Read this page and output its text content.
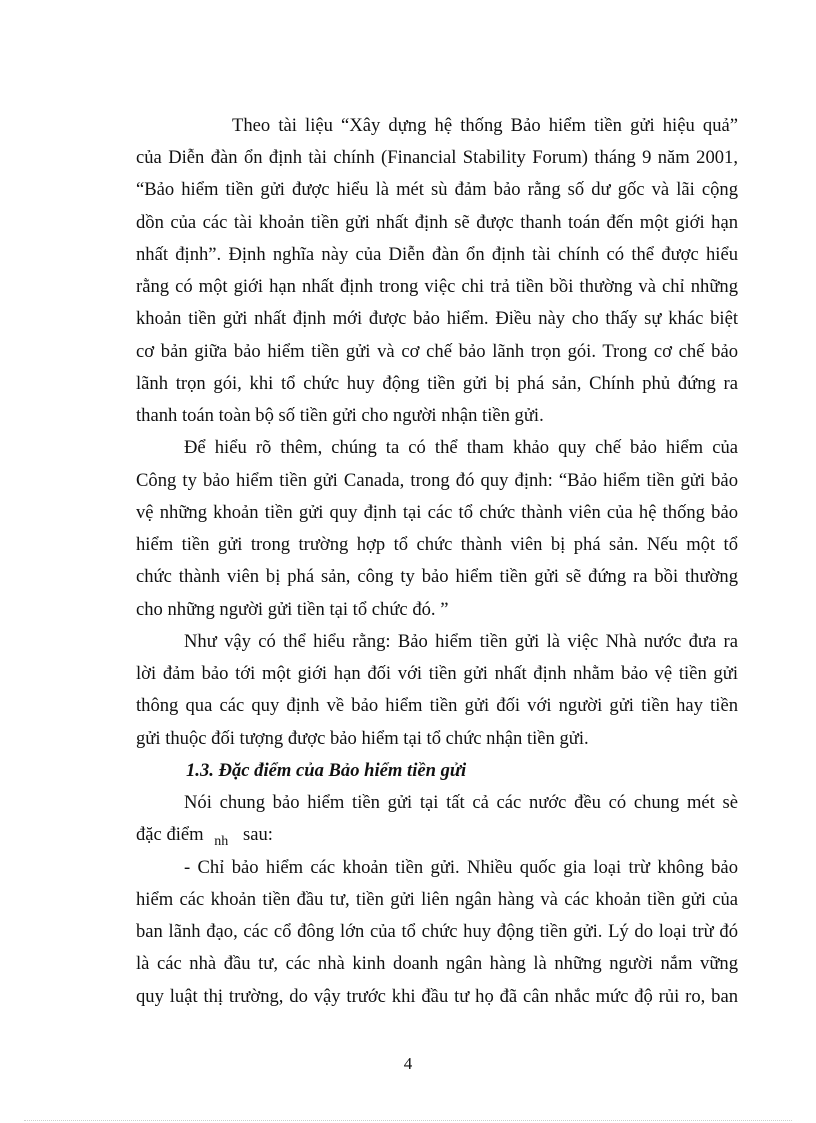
Theo tài liệu “Xây dựng hệ thống Bảo hiểm tiền gửi hiệu quả”
của Diễn đàn ổn định tài chính (Financial Stability Forum) tháng 9 năm 2001,
“Bảo hiểm tiền gửi được hiểu là mét sù đảm bảo rằng số dư gốc và lãi cộng
dồn của các tài khoản tiền gửi nhất định sẽ được thanh toán đến một giới hạn
nhất định”. Định nghĩa này của Diễn đàn ổn định tài chính có thể được hiểu
rằng có một giới hạn nhất định trong việc chi trả tiền bồi thường và chỉ những
khoản tiền gửi nhất định mới được bảo hiểm. Điều này cho thấy sự khác biệt
cơ bản giữa bảo hiểm tiền gửi và cơ chế bảo lãnh trọn gói. Trong cơ chế bảo
lãnh trọn gói, khi tổ chức huy động tiền gửi bị phá sản, Chính phủ đứng ra
thanh toán toàn bộ số tiền gửi cho người nhận tiền gửi.
Để hiểu rõ thêm, chúng ta có thể tham khảo quy chế bảo hiểm của
Công ty bảo hiểm tiền gửi Canada, trong đó quy định: “Bảo hiểm tiền gửi bảo
vệ những khoản tiền gửi quy định tại các tổ chức thành viên của hệ thống bảo
hiểm tiền gửi trong trường hợp tổ chức thành viên bị phá sản. Nếu một tổ
chức thành viên bị phá sản, công ty bảo hiểm tiền gửi sẽ đứng ra bồi thường
cho những người gửi tiền tại tổ chức đó. ”
Như vậy có thể hiểu rằng: Bảo hiểm tiền gửi là việc Nhà nước đưa ra
lời đảm bảo tới một giới hạn đối với tiền gửi nhất định nhằm bảo vệ tiền gửi
thông qua các quy định về bảo hiểm tiền gửi đối với người gửi tiền hay tiền
gửi thuộc đối tượng được bảo hiểm tại tổ chức nhận tiền gửi.
1.3. Đặc điểm của Bảo hiểm tiền gửi
Nói chung bảo hiểm tiền gửi tại tất cả các nước đều có chung mét sè
đặc điểm $_{nh}$ sau:
- Chỉ bảo hiểm các khoản tiền gửi. Nhiều quốc gia loại trừ không bảo
hiểm các khoản tiền đầu tư, tiền gửi liên ngân hàng và các khoản tiền gửi của
ban lãnh đạo, các cổ đông lớn của tổ chức huy động tiền gửi. Lý do loại trừ đó
là các nhà đầu tư, các nhà kinh doanh ngân hàng là những người nắm vững
quy luật thị trường, do vậy trước khi đầu tư họ đã cân nhắc mức độ rủi ro, ban
4
